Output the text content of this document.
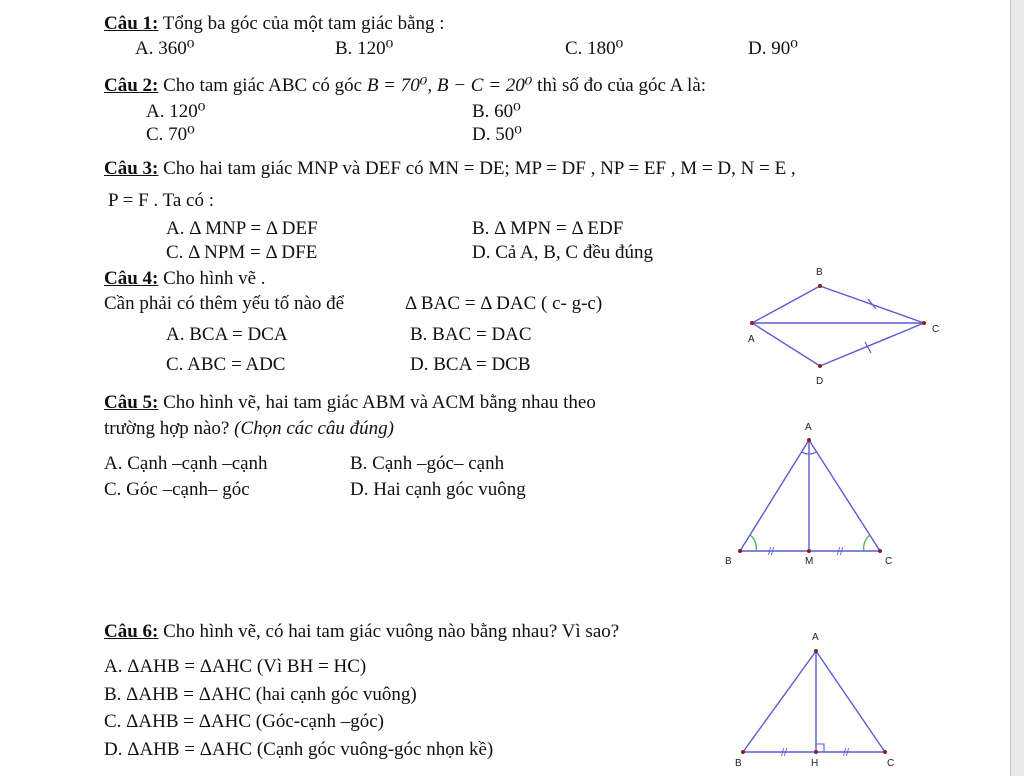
Câu 1: Tổng ba góc của một tam giác bằng :
A. 360⁰	B. 120⁰	C. 180⁰	D. 90⁰
Câu 2: Cho tam giác ABC có góc B = 70⁰, B − C = 20⁰ thì số đo của góc A là:
A. 120⁰	B. 60⁰
C. 70⁰	D. 50⁰
Câu 3: Cho hai tam giác MNP và DEF có MN = DE; MP = DF , NP = EF , M = D, N = E ,
P = F . Ta có :
A. Δ MNP = Δ DEF	B. Δ MPN = Δ EDF
C. Δ NPM = Δ DFE	D. Cả A, B, C đều đúng
Câu 4: Cho hình vẽ .
Cần phải có thêm yếu tố nào để	Δ BAC = Δ DAC ( c- g-c)
A. BCA = DCA	B. BAC = DAC
C. ABC = ADC	D. BCA = DCB
B
A
C
D
Câu 5: Cho hình vẽ, hai tam giác ABM và ACM bằng nhau theo
trường hợp nào? (Chọn các câu đúng)
A. Cạnh –cạnh –cạnh	B. Cạnh –góc– cạnh
C. Góc –cạnh– góc	D. Hai cạnh góc vuông
//	//
A
B	M	C
Câu 6: Cho hình vẽ, có hai tam giác vuông nào bằng nhau? Vì sao?
A. ΔAHB = ΔAHC (Vì BH = HC)
B. ΔAHB = ΔAHC (hai cạnh góc vuông)
C. ΔAHB = ΔAHC (Góc-cạnh –góc)
D. ΔAHB = ΔAHC (Cạnh góc vuông-góc nhọn kề)	//	//
A
B	H	C
